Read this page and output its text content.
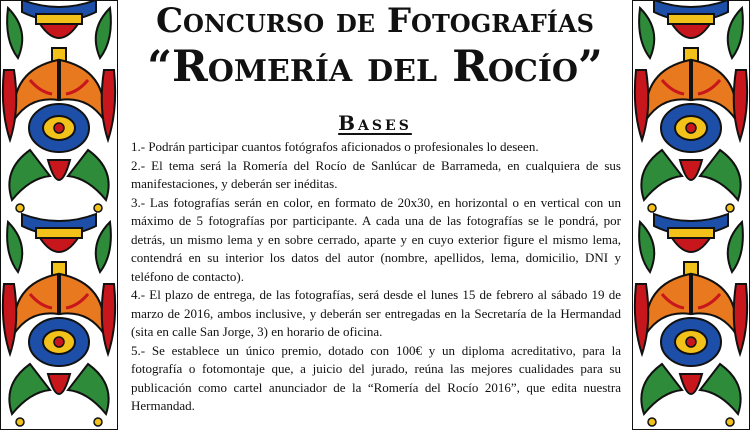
Concurso de Fotografías
“Romería del Rocío”
Bases

1.- Podrán participar cuantos fotógrafos aficionados o profesionales lo deseen.

2.- El tema será la Romería del Rocío de Sanlúcar de Barrameda, en cualquiera de sus manifestaciones, y deberán ser inéditas.

3.- Las fotografías serán en color, en formato de 20x30, en horizontal o en vertical con un máximo de 5 fotografías por participante. A cada una de las fotografías se le pondrá, por detrás, un mismo lema y en sobre cerrado, aparte y en cuyo exterior figure el mismo lema, contendrá en su interior los datos del autor (nombre, apellidos, lema, domicilio, DNI y teléfono de contacto).

4.- El plazo de entrega, de las fotografías, será desde el lunes 15 de febrero al sábado 19 de marzo de 2016, ambos inclusive, y deberán ser entregadas en la Secretaría de la Hermandad (sita en calle San Jorge, 3) en horario de oficina.

5.- Se establece un único premio, dotado con 100€ y un diploma acreditativo, para la fotografía o fotomontaje que, a juicio del jurado, reúna las mejores cualidades para su publicación como cartel anunciador de la “Romería del Rocío 2016”, que edita nuestra Hermandad.
